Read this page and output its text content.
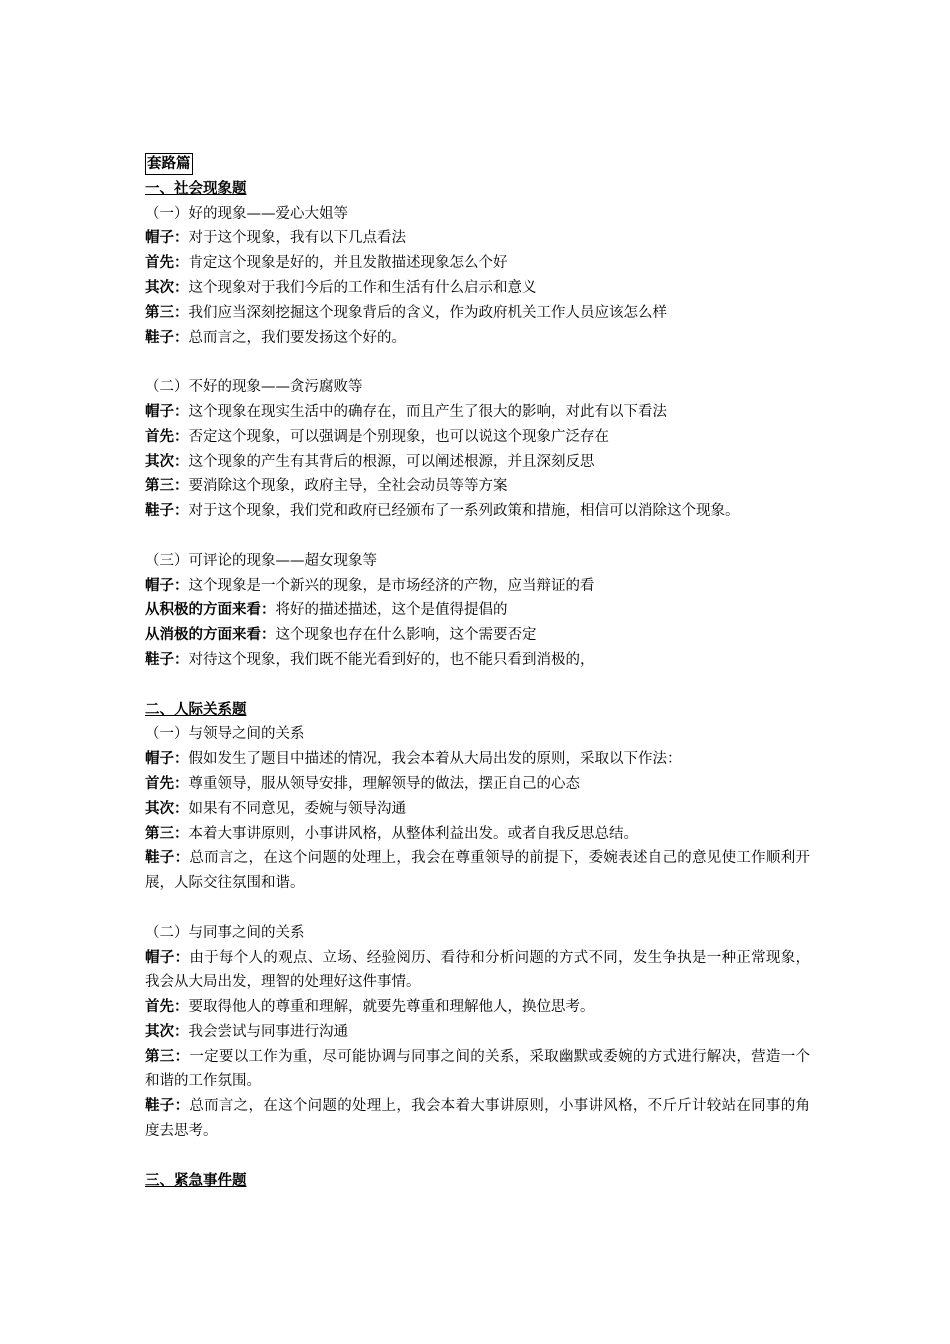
套路篇
一、社会现象题
（一）好的现象——爱心大姐等
帽子：对于这个现象，我有以下几点看法
首先：肯定这个现象是好的，并且发散描述现象怎么个好
其次：这个现象对于我们今后的工作和生活有什么启示和意义
第三：我们应当深刻挖掘这个现象背后的含义，作为政府机关工作人员应该怎么样
鞋子：总而言之，我们要发扬这个好的。
（二）不好的现象——贪污腐败等
帽子：这个现象在现实生活中的确存在，而且产生了很大的影响，对此有以下看法
首先：否定这个现象，可以强调是个别现象，也可以说这个现象广泛存在
其次：这个现象的产生有其背后的根源，可以阐述根源，并且深刻反思
第三：要消除这个现象，政府主导，全社会动员等等方案
鞋子：对于这个现象，我们党和政府已经颁布了一系列政策和措施，相信可以消除这个现象。
（三）可评论的现象——超女现象等
帽子：这个现象是一个新兴的现象，是市场经济的产物，应当辩证的看
从积极的方面来看：将好的描述描述，这个是值得提倡的
从消极的方面来看：这个现象也存在什么影响，这个需要否定
鞋子：对待这个现象，我们既不能光看到好的，也不能只看到消极的，
二、人际关系题
（一）与领导之间的关系
帽子：假如发生了题目中描述的情况，我会本着从大局出发的原则，采取以下作法：
首先：尊重领导，服从领导安排，理解领导的做法，摆正自己的心态
其次：如果有不同意见，委婉与领导沟通
第三：本着大事讲原则，小事讲风格，从整体利益出发。或者自我反思总结。
鞋子：总而言之，在这个问题的处理上，我会在尊重领导的前提下，委婉表述自己的意见使工作顺利开展，人际交往氛围和谐。
（二）与同事之间的关系
帽子：由于每个人的观点、立场、经验阅历、看待和分析问题的方式不同，发生争执是一种正常现象，我会从大局出发，理智的处理好这件事情。
首先：要取得他人的尊重和理解，就要先尊重和理解他人，换位思考。
其次：我会尝试与同事进行沟通
第三：一定要以工作为重，尽可能协调与同事之间的关系，采取幽默或委婉的方式进行解决，营造一个和谐的工作氛围。
鞋子：总而言之，在这个问题的处理上，我会本着大事讲原则，小事讲风格，不斤斤计较站在同事的角度去思考。
三、紧急事件题
